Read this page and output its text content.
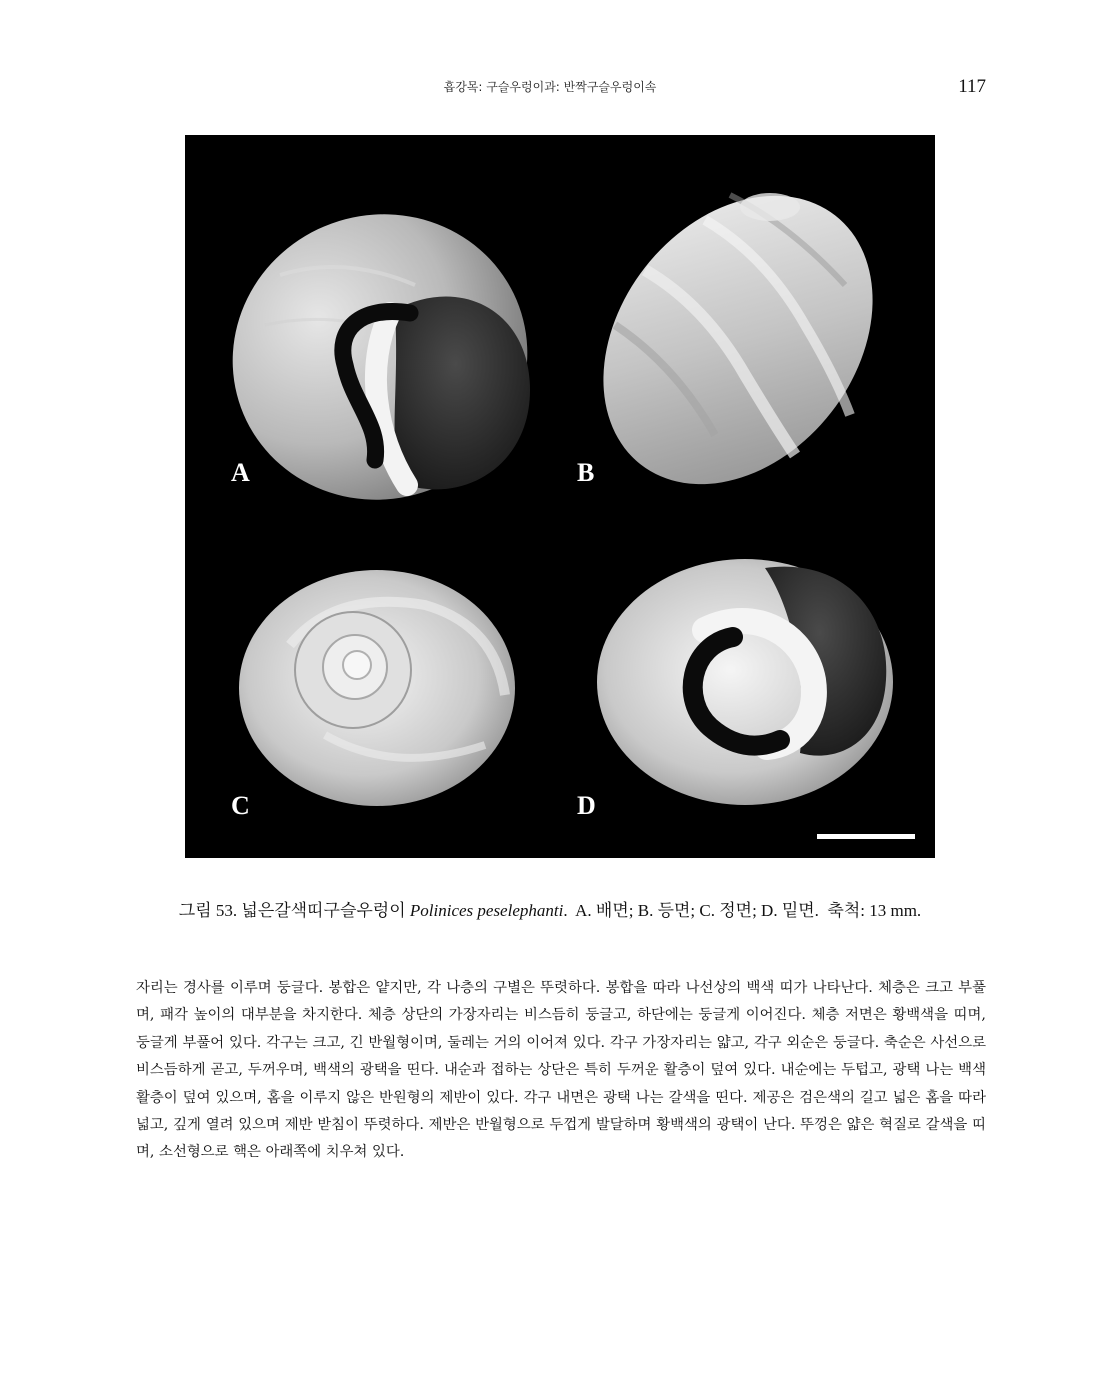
흡강목: 구슬우렁이과: 반짝구슬우렁이속	117
A	B
C	D
그림 53. 넓은갈색띠구슬우렁이 Polinices peselephanti.  A. 배면; B. 등면; C. 정면; D. 밑면. 축척: 13 mm.

자리는 경사를 이루며 둥글다. 봉합은 얕지만, 각 나층의 구별은 뚜렷하다. 봉합을 따라 나선상의 백색 띠가 나타난다. 체층은 크고 부풀며, 패각 높이의 대부분을 차지한다. 체층 상단의 가장자리는 비스듬히 둥글고, 하단에는 둥글게 이어진다. 체층 저면은 황백색을 띠며, 둥글게 부풀어 있다. 각구는 크고, 긴 반월형이며, 둘레는 거의 이어져 있다. 각구 가장자리는 얇고, 각구 외순은 둥글다. 축순은 사선으로 비스듬하게 곧고, 두꺼우며, 백색의 광택을 띤다. 내순과 접하는 상단은 특히 두꺼운 활층이 덮여 있다. 내순에는 두텁고, 광택 나는 백색 활층이 덮여 있으며, 홈을 이루지 않은 반원형의 제반이 있다. 각구 내면은 광택 나는 갈색을 띤다. 제공은 검은색의 길고 넓은 홈을 따라 넓고, 깊게 열려 있으며 제반 받침이 뚜렷하다. 제반은 반월형으로 두껍게 발달하며 황백색의 광택이 난다. 뚜껑은 얇은 혁질로 갈색을 띠며, 소선형으로 핵은 아래쪽에 치우쳐 있다.
